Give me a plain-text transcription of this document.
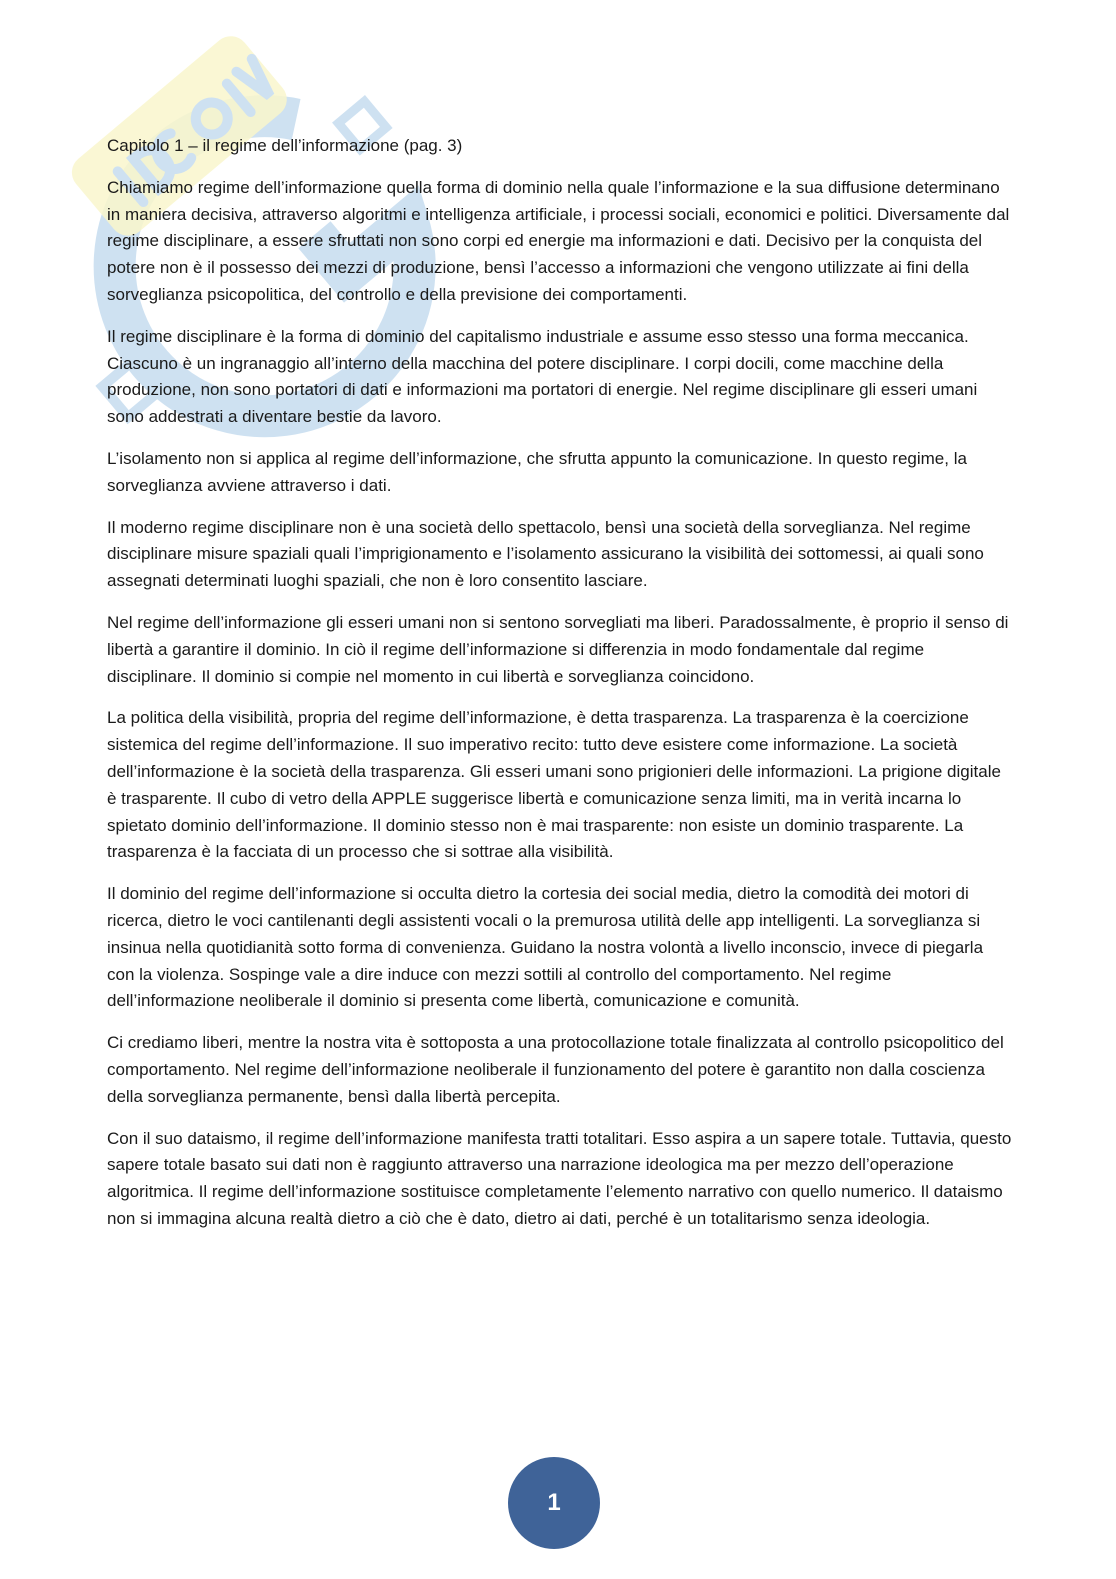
Capitolo 1 – il regime dell’informazione (pag. 3)

Chiamiamo regime dell’informazione quella forma di dominio nella quale l’informazione e la sua diffusione determinano in maniera decisiva, attraverso algoritmi e intelligenza artificiale, i processi sociali, economici e politici. Diversamente dal regime disciplinare, a essere sfruttati non sono corpi ed energie ma informazioni e dati. Decisivo per la conquista del potere non è il possesso dei mezzi di produzione, bensì l’accesso a informazioni che vengono utilizzate ai fini della sorveglianza psicopolitica, del controllo e della previsione dei comportamenti.

Il regime disciplinare è la forma di dominio del capitalismo industriale e assume esso stesso una forma meccanica. Ciascuno è un ingranaggio all’interno della macchina del potere disciplinare. I corpi docili, come macchine della produzione, non sono portatori di dati e informazioni ma portatori di energie. Nel regime disciplinare gli esseri umani sono addestrati a diventare bestie da lavoro.

L’isolamento non si applica al regime dell’informazione, che sfrutta appunto la comunicazione. In questo regime, la sorveglianza avviene attraverso i dati.

Il moderno regime disciplinare non è una società dello spettacolo, bensì una società della sorveglianza. Nel regime disciplinare misure spaziali quali l’imprigionamento e l’isolamento assicurano la visibilità dei sottomessi, ai quali sono assegnati determinati luoghi spaziali, che non è loro consentito lasciare.

Nel regime dell’informazione gli esseri umani non si sentono sorvegliati ma liberi. Paradossalmente, è proprio il senso di libertà a garantire il dominio. In ciò il regime dell’informazione si differenzia in modo fondamentale dal regime disciplinare. Il dominio si compie nel momento in cui libertà e sorveglianza coincidono.

La politica della visibilità, propria del regime dell’informazione, è detta trasparenza. La trasparenza è la coercizione sistemica del regime dell’informazione. Il suo imperativo recito: tutto deve esistere come informazione. La società dell’informazione è la società della trasparenza. Gli esseri umani sono prigionieri delle informazioni. La prigione digitale è trasparente. Il cubo di vetro della APPLE suggerisce libertà e comunicazione senza limiti, ma in verità incarna lo spietato dominio dell’informazione. Il dominio stesso non è mai trasparente: non esiste un dominio trasparente. La trasparenza è la facciata di un processo che si sottrae alla visibilità.

Il dominio del regime dell’informazione si occulta dietro la cortesia dei social media, dietro la comodità dei motori di ricerca, dietro le voci cantilenanti degli assistenti vocali o la premurosa utilità delle app intelligenti. La sorveglianza si insinua nella quotidianità sotto forma di convenienza. Guidano la nostra volontà a livello inconscio, invece di piegarla con la violenza. Sospinge vale a dire induce con mezzi sottili al controllo del comportamento. Nel regime dell’informazione neoliberale il dominio si presenta come libertà, comunicazione e comunità.

Ci crediamo liberi, mentre la nostra vita è sottoposta a una protocollazione totale finalizzata al controllo psicopolitico del comportamento. Nel regime dell’informazione neoliberale il funzionamento del potere è garantito non dalla coscienza della sorveglianza permanente, bensì dalla libertà percepita.

Con il suo dataismo, il regime dell’informazione manifesta tratti totalitari. Esso aspira a un sapere totale. Tuttavia, questo sapere totale basato sui dati non è raggiunto attraverso una narrazione ideologica ma per mezzo dell’operazione algoritmica. Il regime dell’informazione sostituisce completamente l’elemento narrativo con quello numerico. Il dataismo non si immagina alcuna realtà dietro a ciò che è dato, dietro ai dati, perché è un totalitarismo senza ideologia.

1
